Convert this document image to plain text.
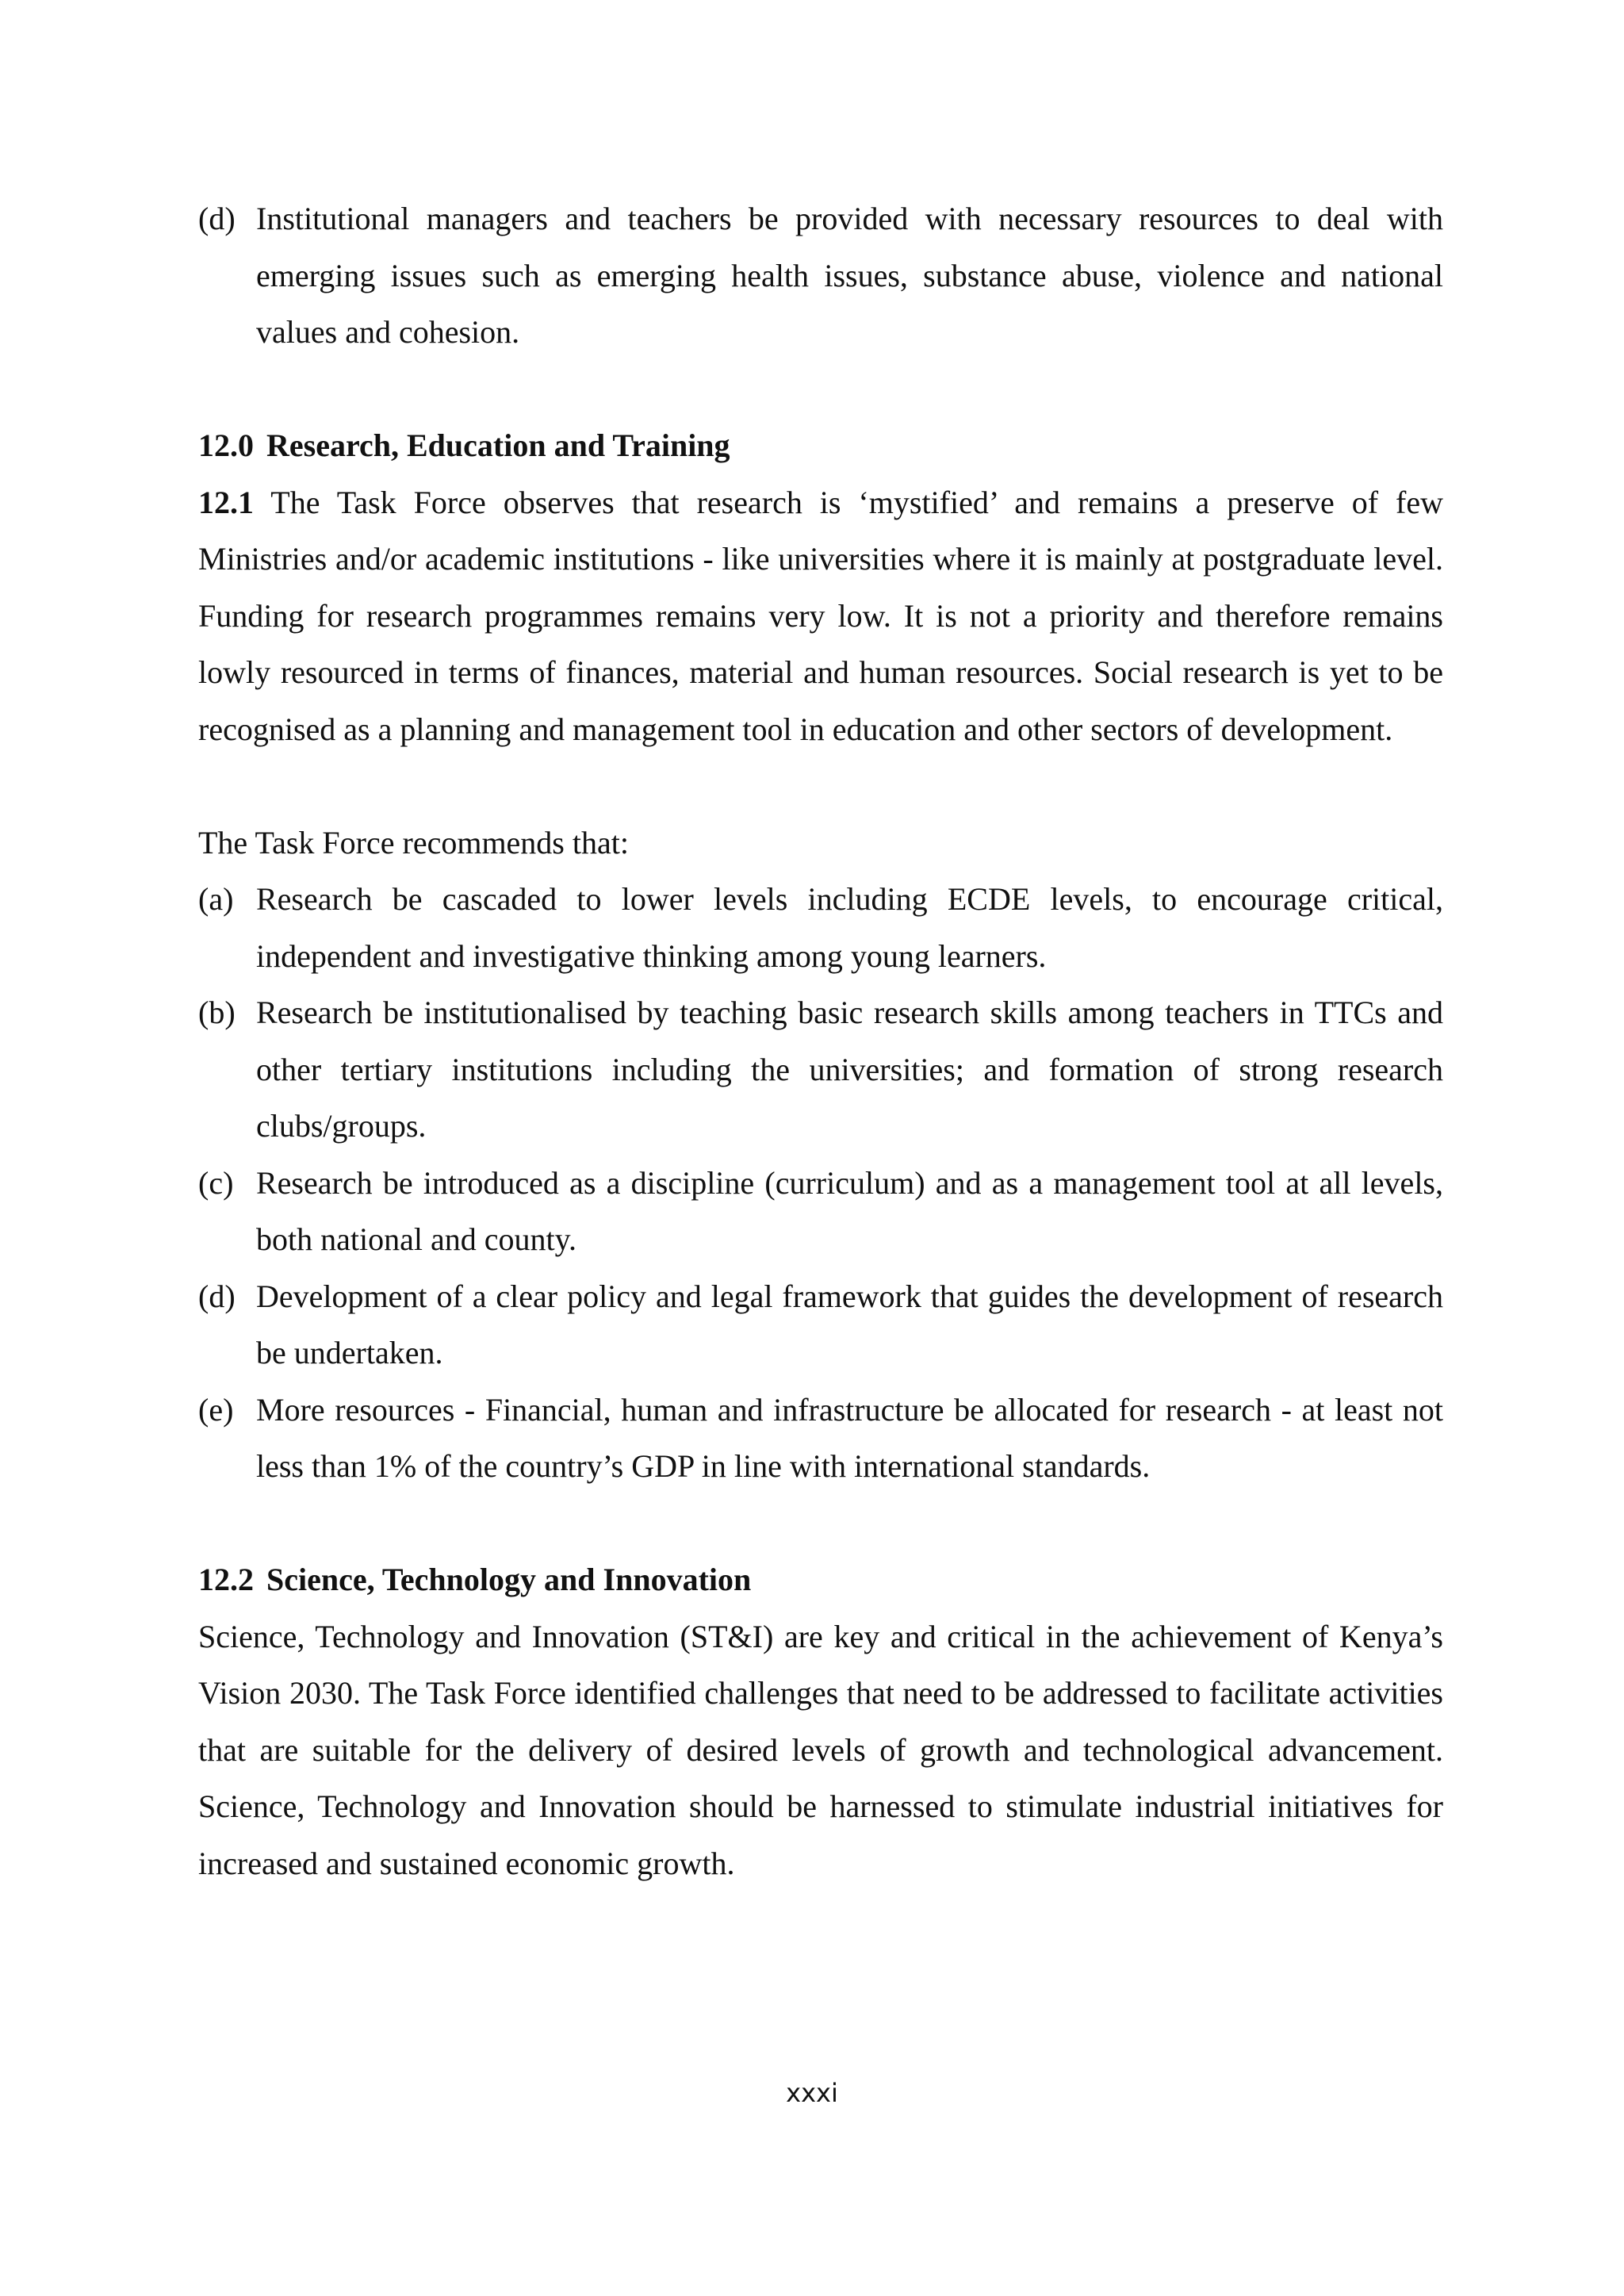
(d) Institutional managers and teachers be provided with necessary resources to deal with emerging issues such as emerging health issues, substance abuse, violence and national values and cohesion.

12.0 Research, Education and Training

12.1 The Task Force observes that research is ‘mystified’ and remains a preserve of few Ministries and/or academic institutions - like universities where it is mainly at postgraduate level. Funding for research programmes remains very low. It is not a priority and therefore remains lowly resourced in terms of finances, material and human resources. Social research is yet to be recognised as a planning and management tool in education and other sectors of development.

The Task Force recommends that:

(a) Research be cascaded to lower levels including ECDE levels, to encourage critical, independent and investigative thinking among young learners.
(b) Research be institutionalised by teaching basic research skills among teachers in TTCs and other tertiary institutions including the universities; and formation of strong research clubs/groups.
(c) Research be introduced as a discipline (curriculum) and as a management tool at all levels, both national and county.
(d) Development of a clear policy and legal framework that guides the development of research be undertaken.
(e) More resources - Financial, human and infrastructure be allocated for research - at least not less than 1% of the country’s GDP in line with international standards.

12.2 Science, Technology and Innovation

Science, Technology and Innovation (ST&I) are key and critical in the achievement of Kenya’s Vision 2030. The Task Force identified challenges that need to be addressed to facilitate activities that are suitable for the delivery of desired levels of growth and technological advancement. Science, Technology and Innovation should be harnessed to stimulate industrial initiatives for increased and sustained economic growth.

xxxi
